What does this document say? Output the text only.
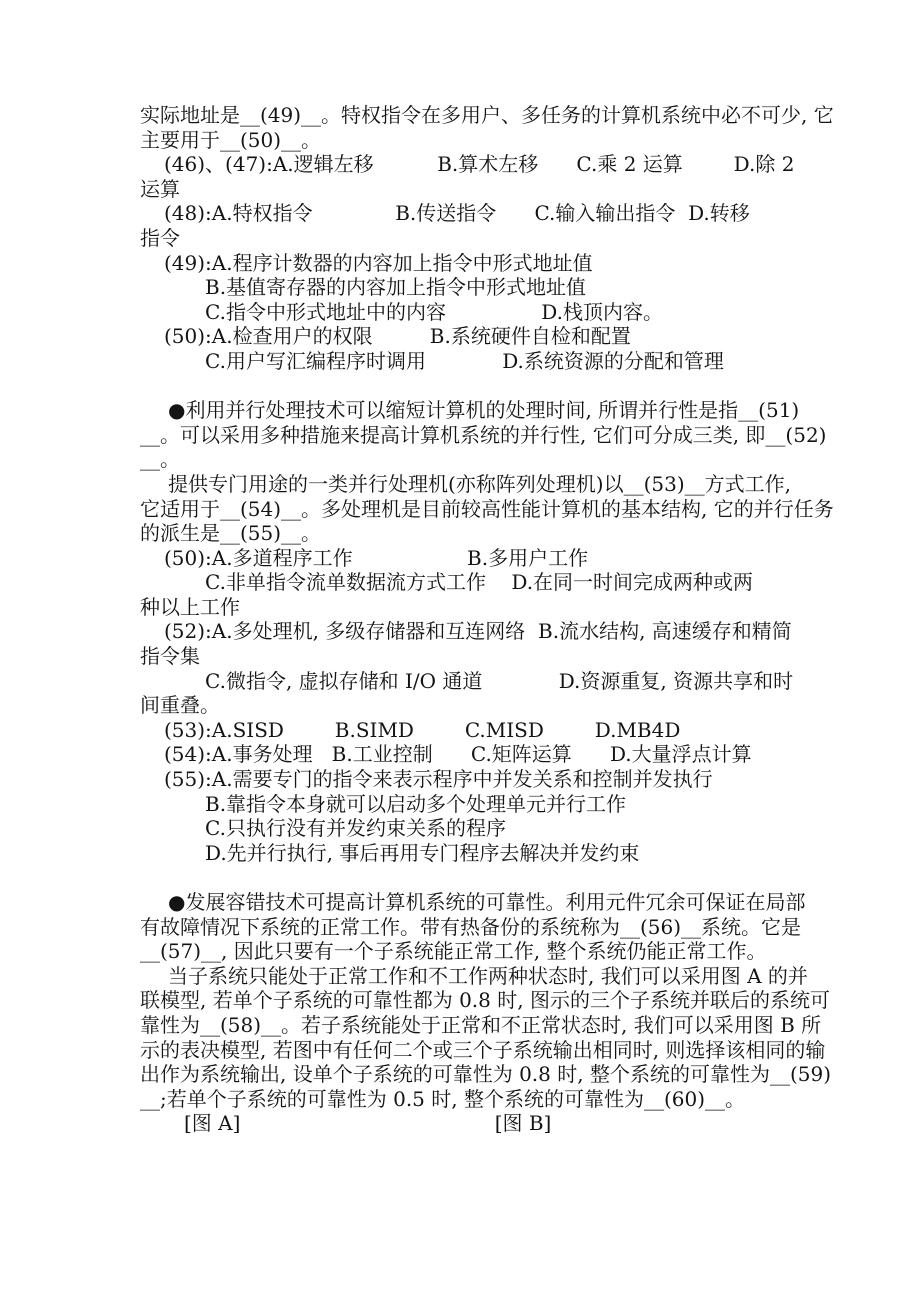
实际地址是__(49)__。特权指令在多用户、多任务的计算机系统中必不可少, 它
主要用于__(50)__。
(46)、(47):A.逻辑左移          B.算术左移      C.乘 2 运算        D.除 2
运算
(48):A.特权指令             B.传送指令      C.输入输出指令  D.转移
指令
(49):A.程序计数器的内容加上指令中形式地址值
B.基值寄存器的内容加上指令中形式地址值
C.指令中形式地址中的内容               D.栈顶内容。
(50):A.检查用户的权限         B.系统硬件自检和配置
C.用户写汇编程序时调用            D.系统资源的分配和管理
●利用并行处理技术可以缩短计算机的处理时间, 所谓并行性是指__(51)
__。可以采用多种措施来提高计算机系统的并行性, 它们可分成三类, 即__(52)
__。
提供专门用途的一类并行处理机(亦称阵列处理机)以__(53)__方式工作,
它适用于__(54)__。多处理机是目前较高性能计算机的基本结构, 它的并行任务
的派生是__(55)__。
(50):A.多道程序工作                  B.多用户工作
C.非单指令流单数据流方式工作    D.在同一时间完成两种或两
种以上工作
(52):A.多处理机, 多级存储器和互连网络  B.流水结构, 高速缓存和精简
指令集
C.微指令, 虚拟存储和 I/O 通道            D.资源重复, 资源共享和时
间重叠。
(53):A.SISD        B.SIMD        C.MISD        D.MB4D
(54):A.事务处理   B.工业控制      C.矩阵运算      D.大量浮点计算
(55):A.需要专门的指令来表示程序中并发关系和控制并发执行
B.靠指令本身就可以启动多个处理单元并行工作
C.只执行没有并发约束关系的程序
D.先并行执行, 事后再用专门程序去解决并发约束
●发展容错技术可提高计算机系统的可靠性。利用元件冗余可保证在局部
有故障情况下系统的正常工作。带有热备份的系统称为__(56)__系统。它是
__(57)__, 因此只要有一个子系统能正常工作, 整个系统仍能正常工作。
当子系统只能处于正常工作和不工作两种状态时, 我们可以采用图 A 的并
联模型, 若单个子系统的可靠性都为 0.8 时, 图示的三个子系统并联后的系统可
靠性为__(58)__。若子系统能处于正常和不正常状态时, 我们可以采用图 B 所
示的表决模型, 若图中有任何二个或三个子系统输出相同时, 则选择该相同的输
出作为系统输出, 设单个子系统的可靠性为 0.8 时, 整个系统的可靠性为__(59)
__;若单个子系统的可靠性为 0.5 时, 整个系统的可靠性为__(60)__。
[图 A]                                        [图 B]
